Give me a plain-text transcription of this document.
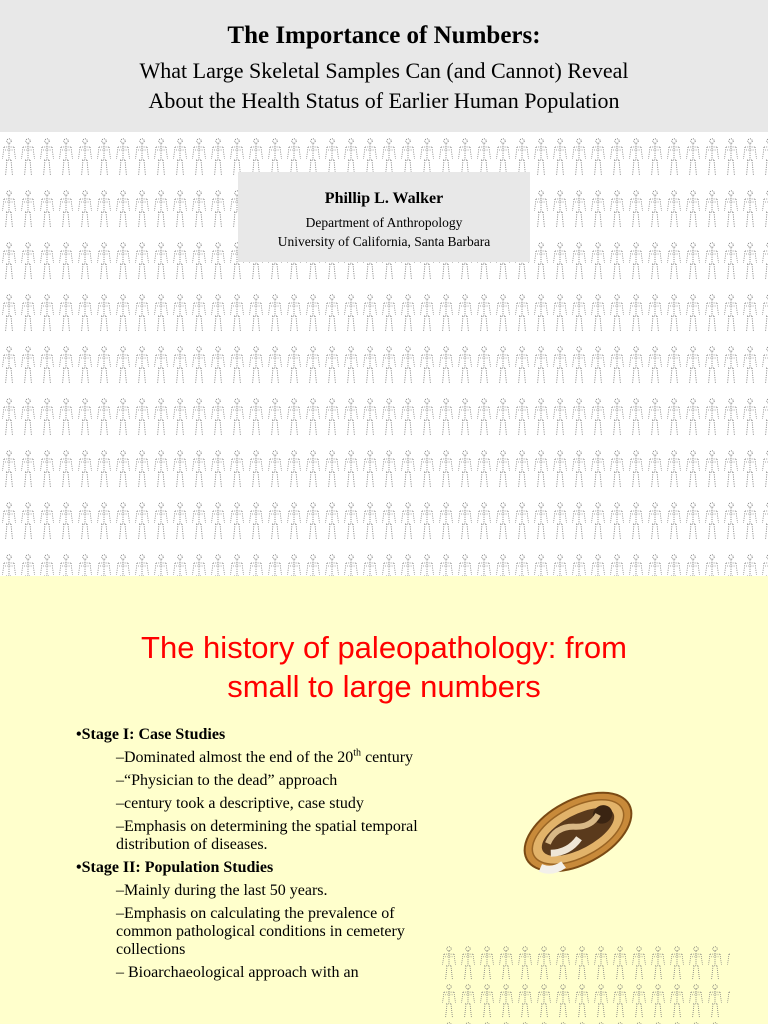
The Importance of Numbers:
What Large Skeletal Samples Can (and Cannot) Reveal
About the Health Status of Earlier Human Population
Phillip L. Walker
Department of Anthropology
University of California, Santa Barbara
The history of paleopathology: from
small to large numbers
•Stage I: Case Studies
–Dominated almost the end of the 20th century
–“Physician to the dead” approach
–century took a descriptive, case study
–Emphasis on determining the spatial temporal distribution of diseases.
•Stage II: Population Studies
–Mainly during the last 50 years.
–Emphasis on calculating the prevalence of common pathological conditions in cemetery collections
– Bioarchaeological approach with an
